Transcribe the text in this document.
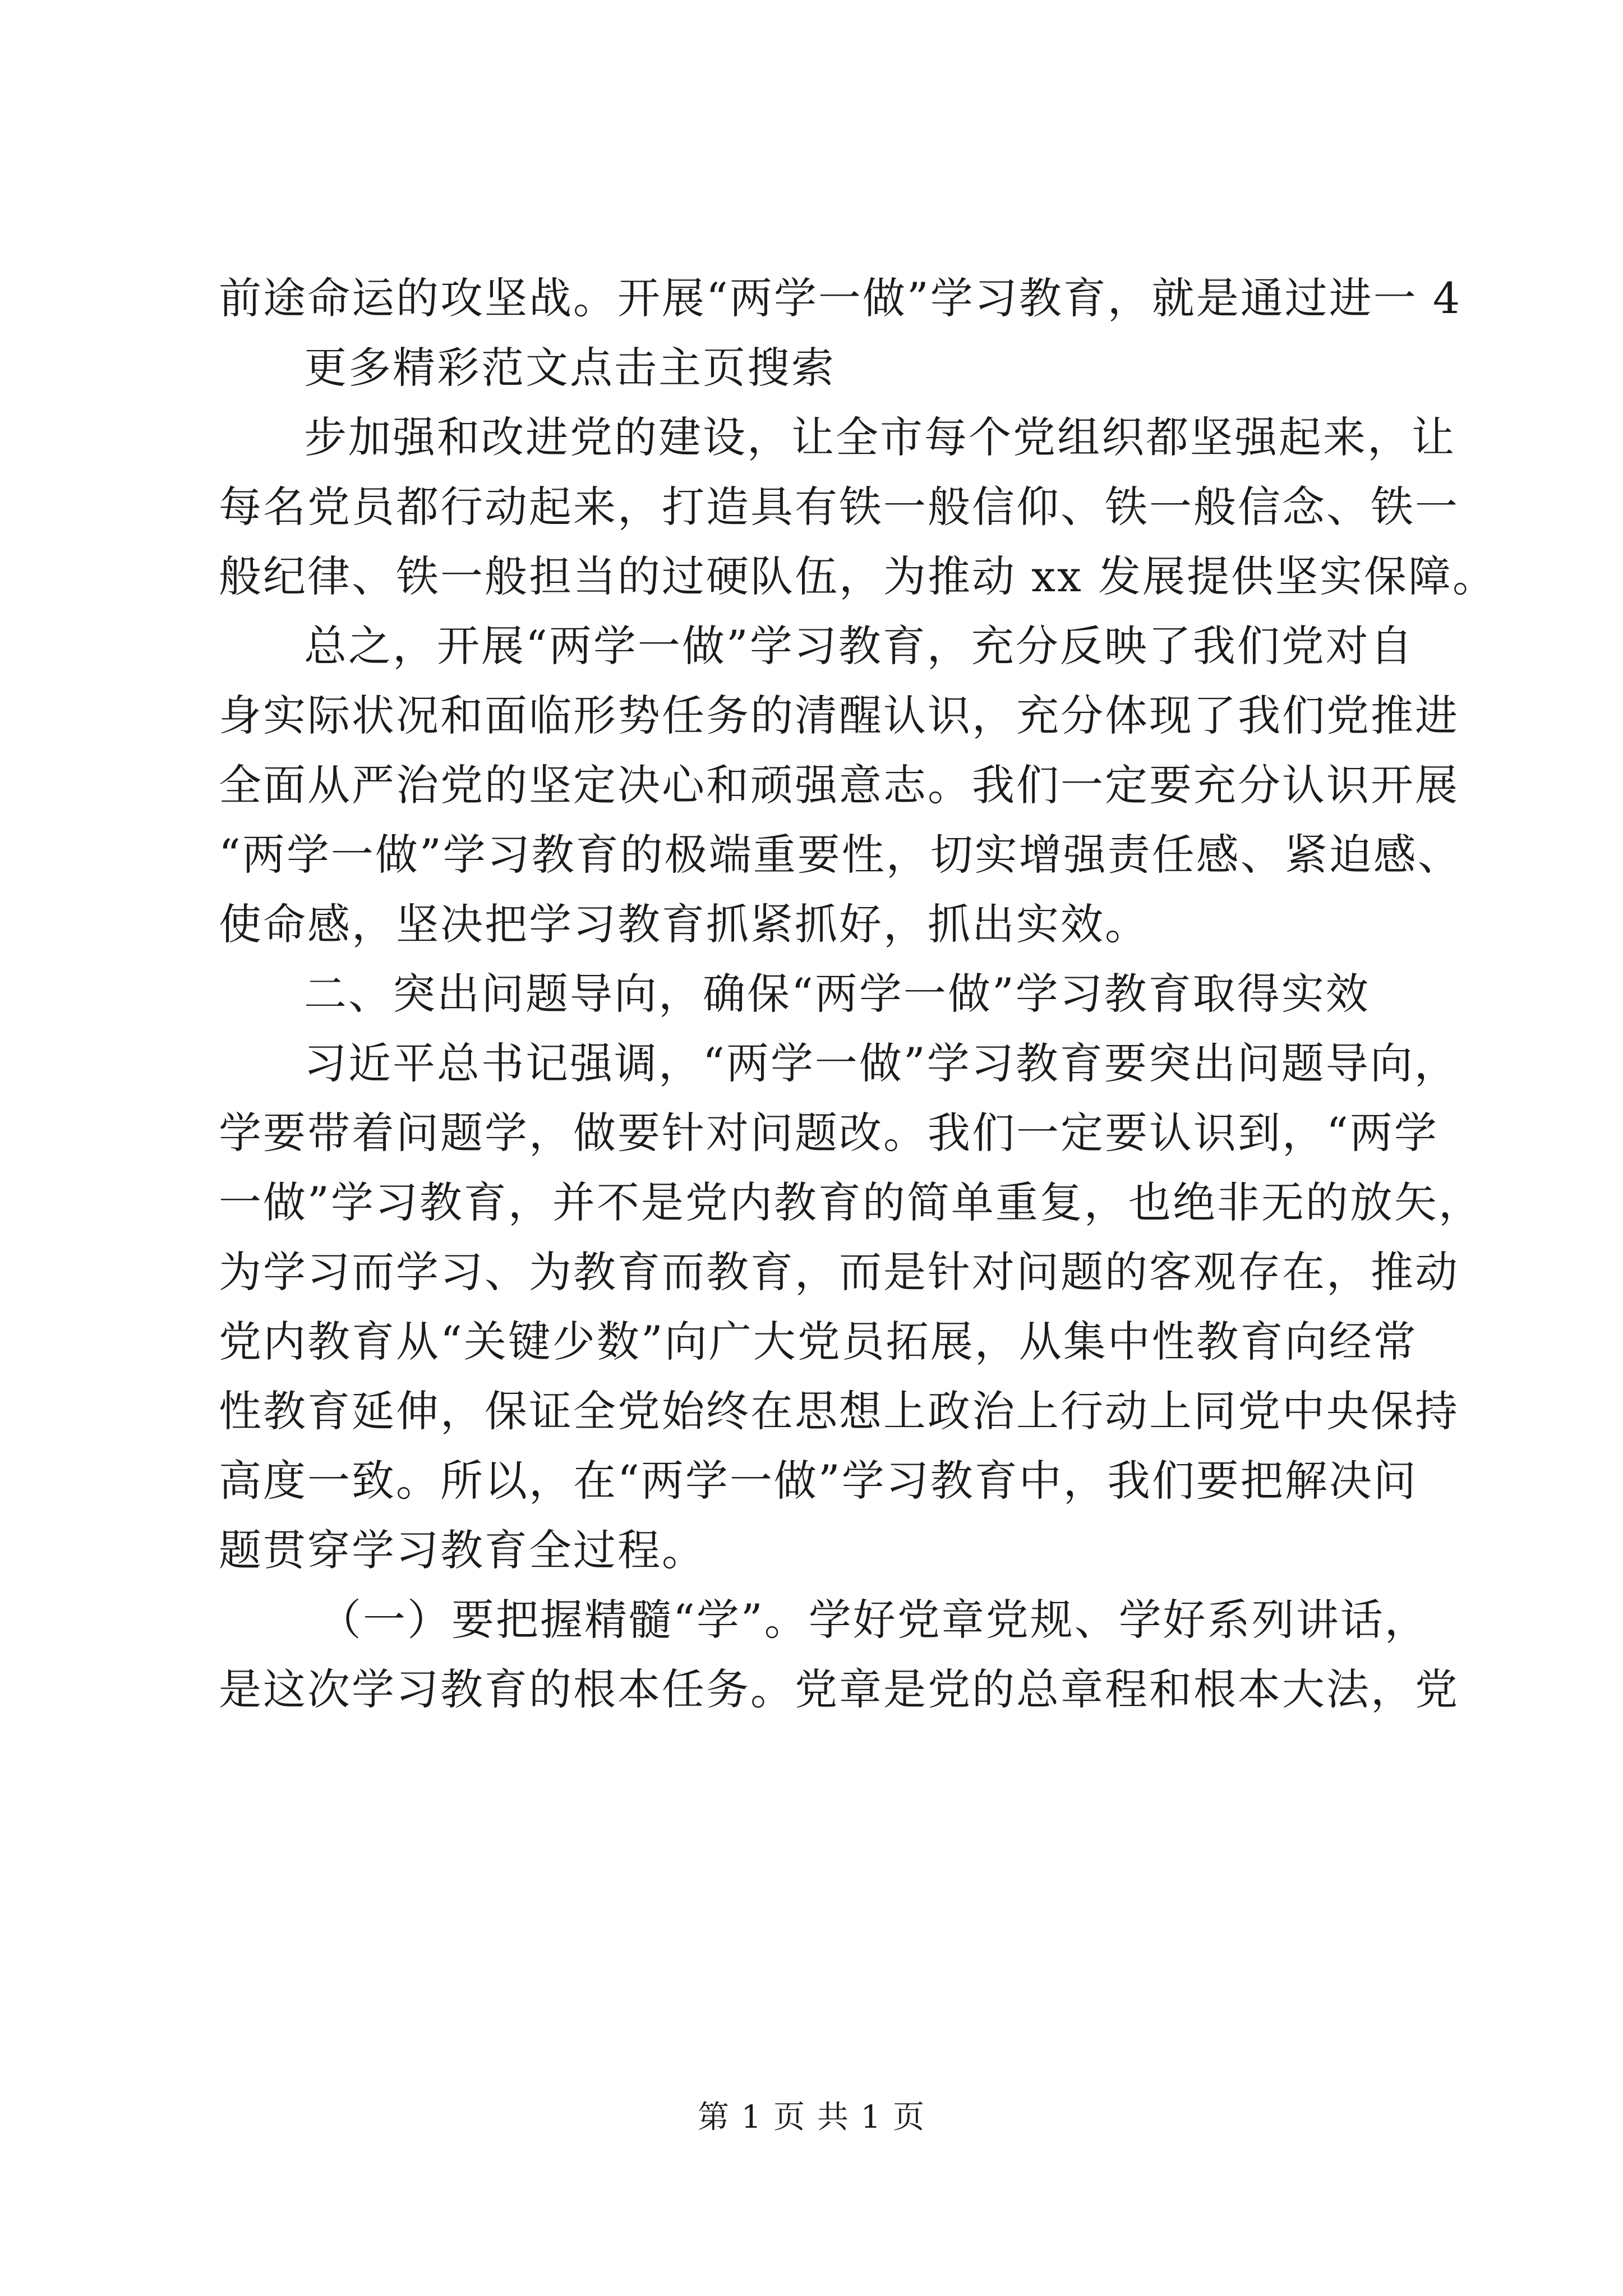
前途命运的攻坚战。开展“两学一做”学习教育，就是通过进一 4
更多精彩范文点击主页搜索
步加强和改进党的建设，让全市每个党组织都坚强起来，让
每名党员都行动起来，打造具有铁一般信仰、铁一般信念、铁一
般纪律、铁一般担当的过硬队伍，为推动 xx 发展提供坚实保障。
总之，开展“两学一做”学习教育，充分反映了我们党对自
身实际状况和面临形势任务的清醒认识，充分体现了我们党推进
全面从严治党的坚定决心和顽强意志。我们一定要充分认识开展
“两学一做”学习教育的极端重要性，切实增强责任感、紧迫感、
使命感，坚决把学习教育抓紧抓好，抓出实效。
二、突出问题导向，确保“两学一做”学习教育取得实效
习近平总书记强调，“两学一做”学习教育要突出问题导向，
学要带着问题学，做要针对问题改。我们一定要认识到，“两学
一做”学习教育，并不是党内教育的简单重复，也绝非无的放矢，
为学习而学习、为教育而教育，而是针对问题的客观存在，推动
党内教育从“关键少数”向广大党员拓展，从集中性教育向经常
性教育延伸，保证全党始终在思想上政治上行动上同党中央保持
高度一致。所以，在“两学一做”学习教育中，我们要把解决问
题贯穿学习教育全过程。
（一）要把握精髓“学”。学好党章党规、学好系列讲话，
是这次学习教育的根本任务。党章是党的总章程和根本大法，党
第 1 页 共 1 页
